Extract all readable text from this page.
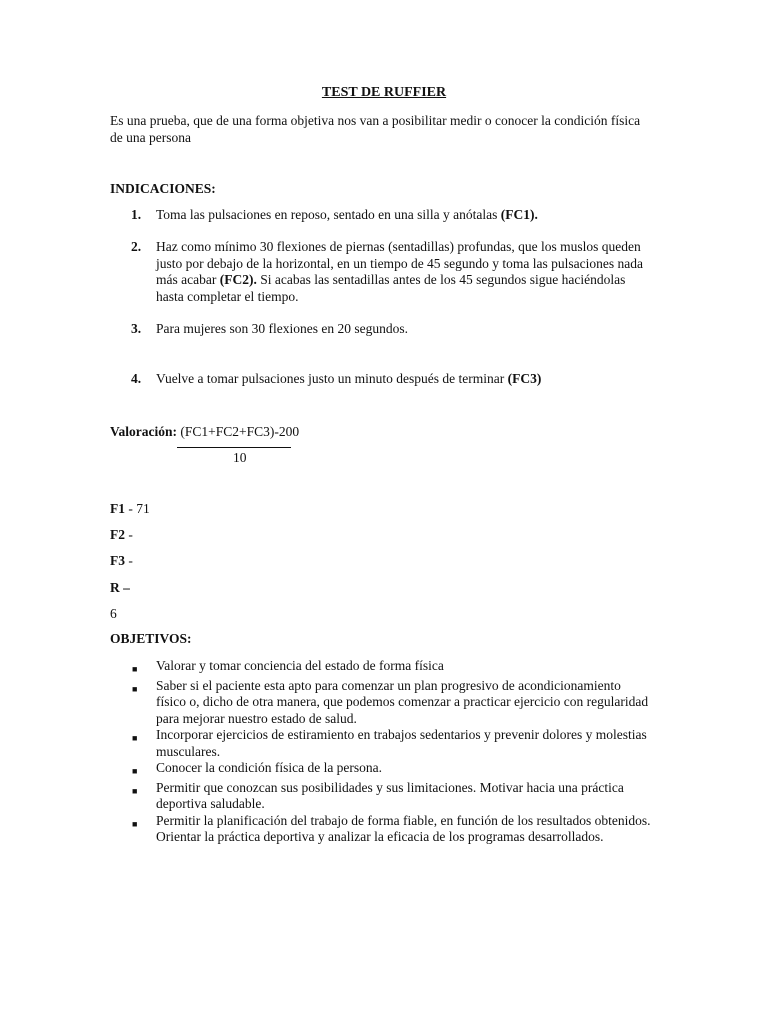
TEST DE RUFFIER
Es una prueba, que de una forma objetiva nos van a posibilitar medir o conocer la condición física de una persona
INDICACIONES:
1.	Toma las pulsaciones en reposo, sentado en una silla y anótalas (FC1).
2.	Haz como mínimo 30 flexiones de piernas (sentadillas) profundas, que los muslos queden justo por debajo de la horizontal, en un tiempo de 45 segundo y toma las pulsaciones nada más acabar (FC2). Si acabas las sentadillas antes de los 45 segundos sigue haciéndolas hasta completar el tiempo.
3.	Para mujeres son 30 flexiones en 20 segundos.
4.	Vuelve a tomar pulsaciones justo un minuto después de terminar (FC3)
Valoración: (FC1+FC2+FC3)-200
10
F1 - 71
F2 -
F3 -
R –
6
OBJETIVOS:
■	Valorar y tomar conciencia del estado de forma física
■	Saber si el paciente esta apto para comenzar un plan progresivo de acondicionamiento físico o, dicho de otra manera, que podemos comenzar a practicar ejercicio con regularidad para mejorar nuestro estado de salud.
■	Incorporar ejercicios de estiramiento en trabajos sedentarios y prevenir dolores y molestias musculares.
■	Conocer la condición física de la persona.
■	Permitir que conozcan sus posibilidades y sus limitaciones. Motivar hacia una práctica deportiva saludable.
■	Permitir la planificación del trabajo de forma fiable, en función de los resultados obtenidos. Orientar la práctica deportiva y analizar la eficacia de los programas desarrollados.
